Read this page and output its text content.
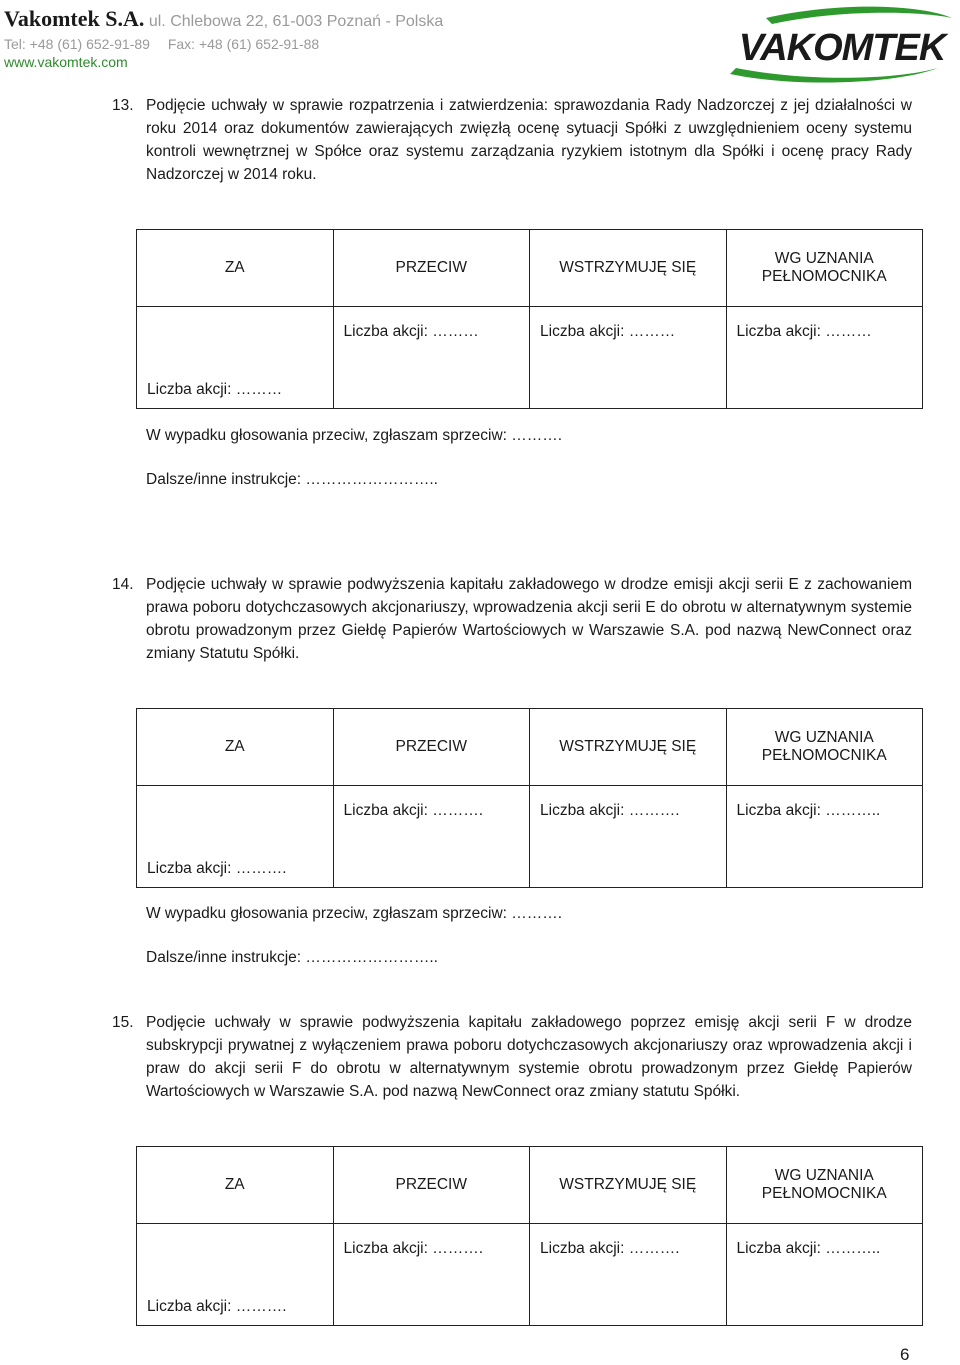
Vakomtek S.A. ul. Chlebowa 22, 61-003 Poznań - Polska
Tel: +48 (61) 652-91-89 Fax: +48 (61) 652-91-88
www.vakomtek.com	VAKOMTEK
13. Podjęcie uchwały w sprawie rozpatrzenia i zatwierdzenia: sprawozdania Rady Nadzorczej z jej działalności w roku 2014 oraz dokumentów zawierających zwięzłą ocenę sytuacji Spółki z uwzględnieniem oceny systemu kontroli wewnętrznej w Spółce oraz systemu zarządzania ryzykiem istotnym dla Spółki i ocenę pracy Rady Nadzorczej w 2014 roku.
ZA	PRZECIW	WSTRZYMUJĘ SIĘ	WG UZNANIA
PEŁNOMOCNIKA
Liczba akcji: ………	Liczba akcji: ………	Liczba akcji: ………	Liczba akcji: ………
W wypadku głosowania przeciw, zgłaszam sprzeciw: ……….
Dalsze/inne instrukcje: ……………………..
14. Podjęcie uchwały w sprawie podwyższenia kapitału zakładowego w drodze emisji akcji serii E z zachowaniem prawa poboru dotychczasowych akcjonariuszy, wprowadzenia akcji serii E do obrotu w alternatywnym systemie obrotu prowadzonym przez Giełdę Papierów Wartościowych w Warszawie S.A. pod nazwą NewConnect oraz zmiany Statutu Spółki.
ZA	PRZECIW	WSTRZYMUJĘ SIĘ	WG UZNANIA
PEŁNOMOCNIKA
Liczba akcji: ……….	Liczba akcji: ……….	Liczba akcji: ……….	Liczba akcji: ………..
W wypadku głosowania przeciw, zgłaszam sprzeciw: ……….
Dalsze/inne instrukcje: ……………………..
15. Podjęcie uchwały w sprawie podwyższenia kapitału zakładowego poprzez emisję akcji serii F w drodze subskrypcji prywatnej z wyłączeniem prawa poboru dotychczasowych akcjonariuszy oraz wprowadzenia akcji i praw do akcji serii F do obrotu w alternatywnym systemie obrotu prowadzonym przez Giełdę Papierów Wartościowych w Warszawie S.A. pod nazwą NewConnect oraz zmiany statutu Spółki.
ZA	PRZECIW	WSTRZYMUJĘ SIĘ	WG UZNANIA
PEŁNOMOCNIKA
Liczba akcji: ……….	Liczba akcji: ……….	Liczba akcji: ……….	Liczba akcji: ………..
6
